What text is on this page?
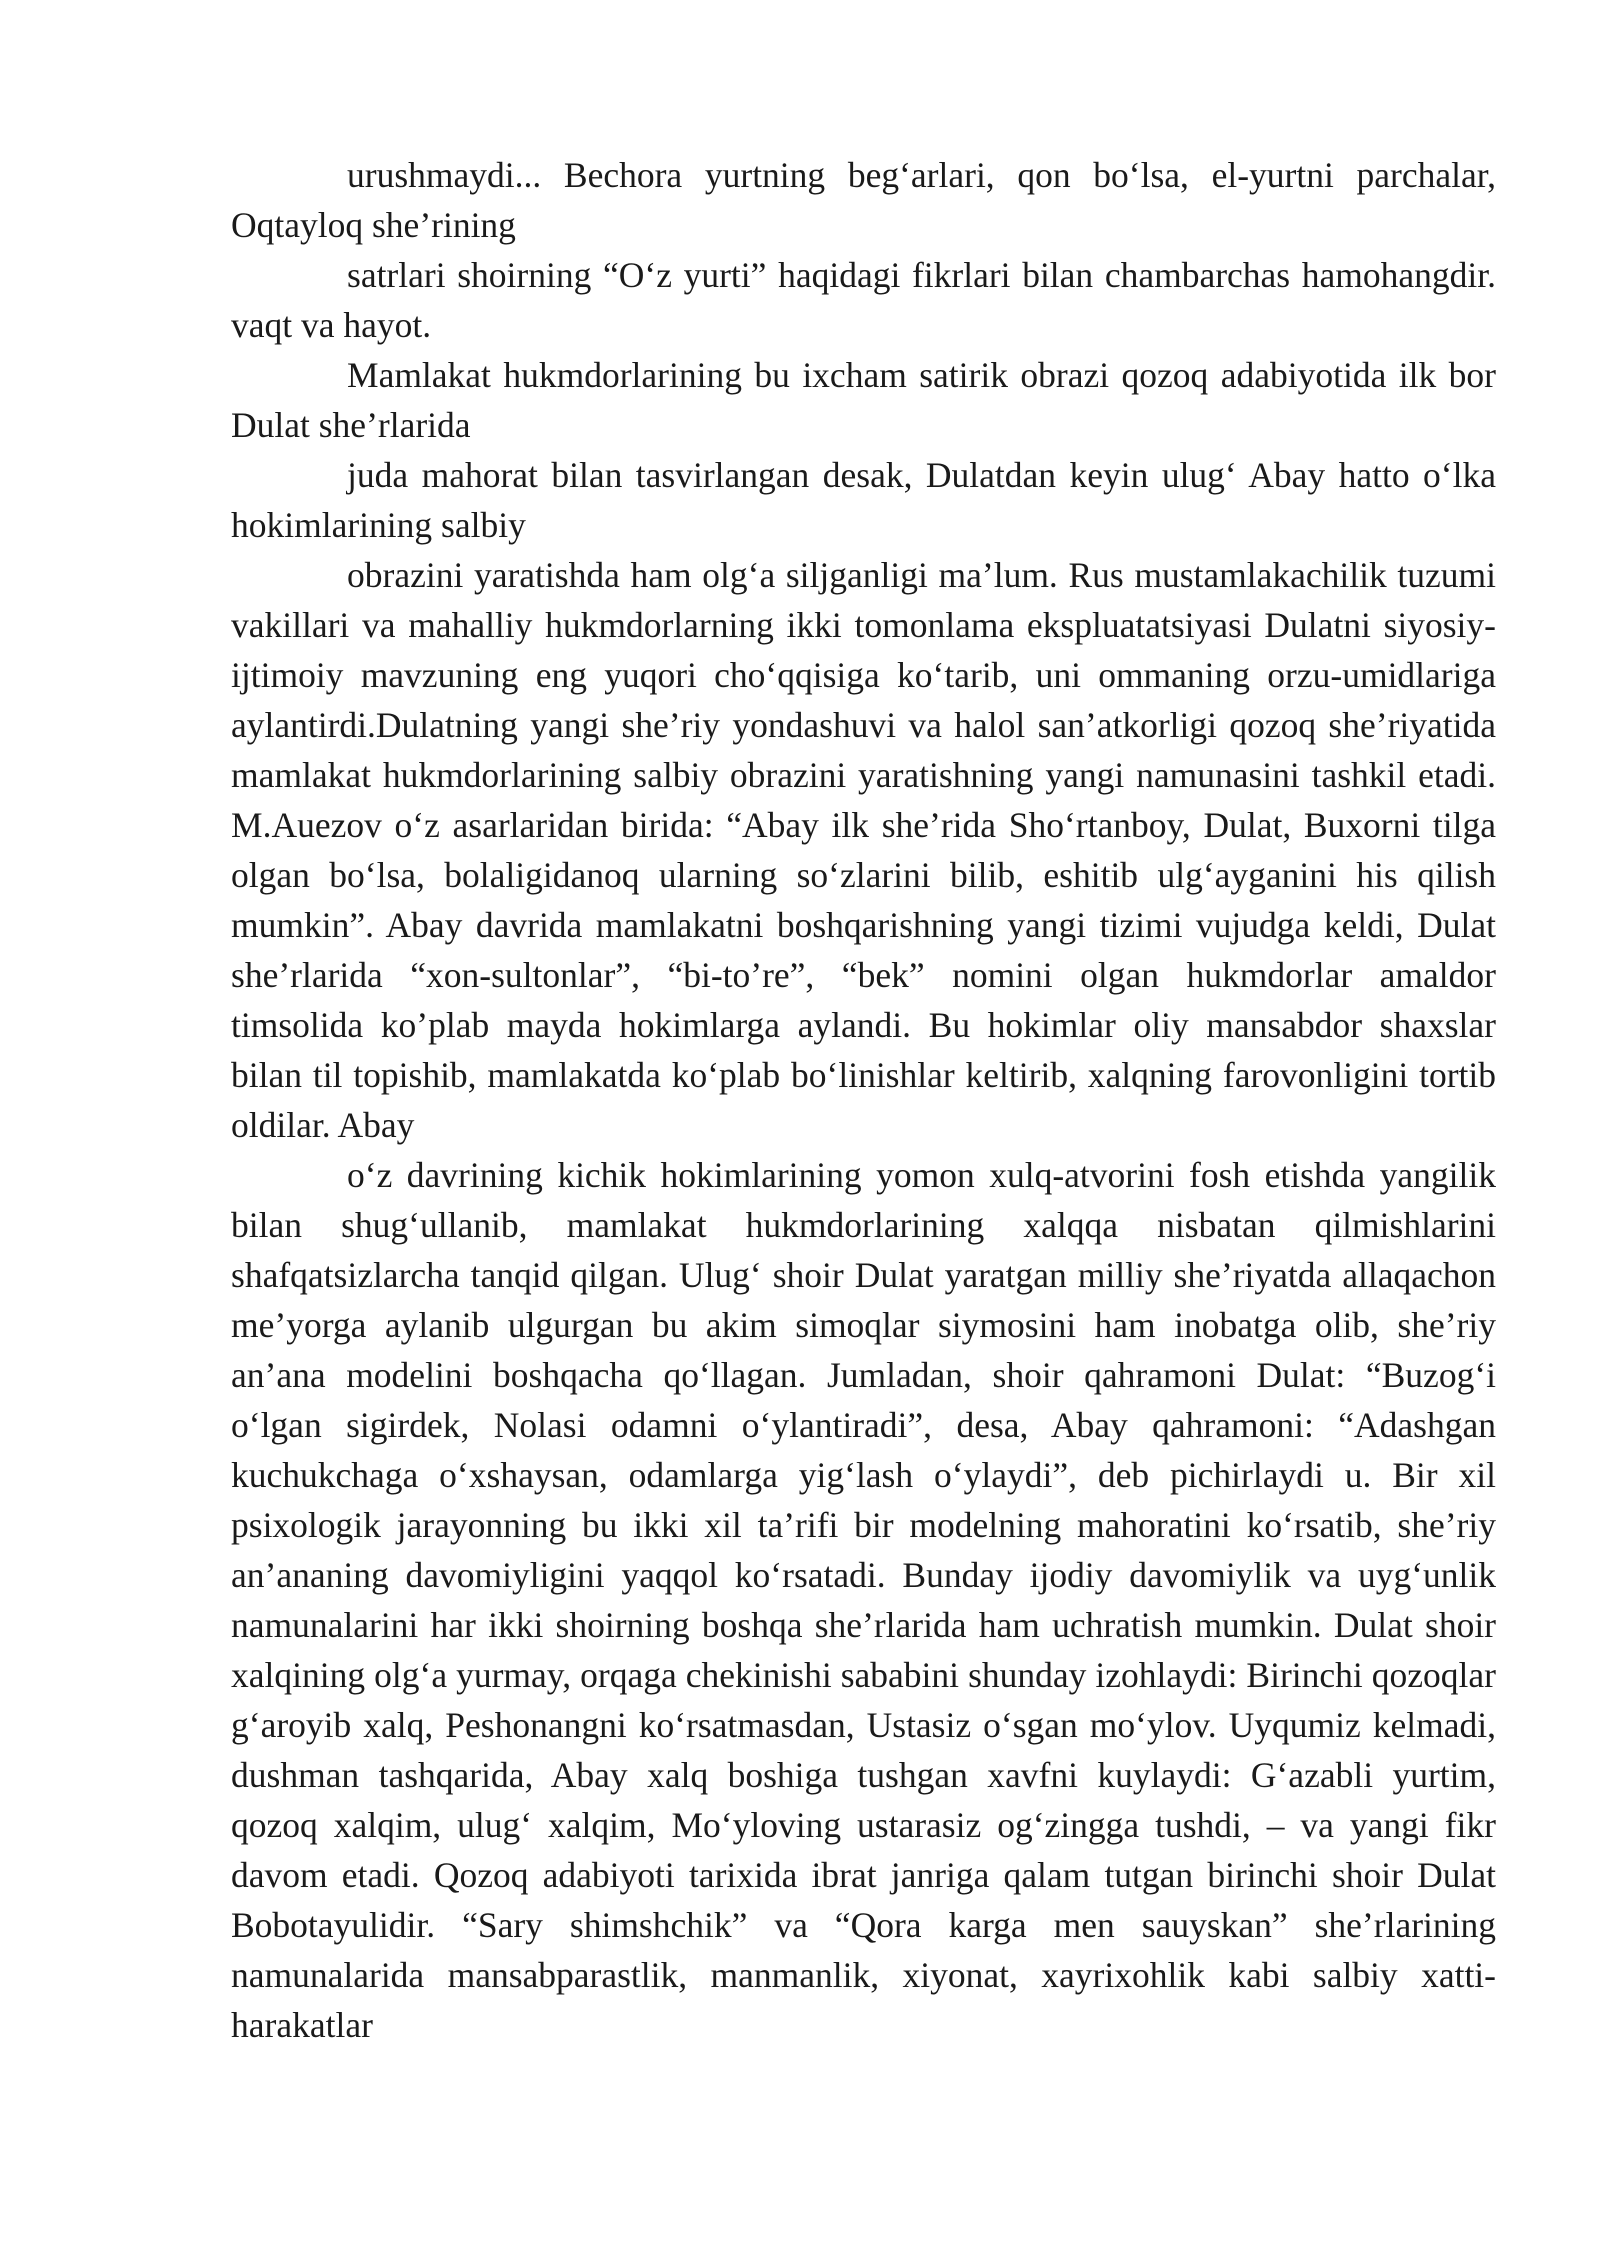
urushmaydi... Bechora yurtning beg‘arlari, qon bo‘lsa, el-yurtni parchalar, Oqtayloq she’rining

satrlari shoirning “O‘z yurti” haqidagi fikrlari bilan chambarchas hamohangdir. vaqt va hayot.

Mamlakat hukmdorlarining bu ixcham satirik obrazi qozoq adabiyotida ilk bor Dulat she’rlarida

juda mahorat bilan tasvirlangan desak, Dulatdan keyin ulug‘ Abay hatto o‘lka hokimlarining salbiy

obrazini yaratishda ham olg‘a siljganligi ma’lum. Rus mustamlakachilik tuzumi vakillari va mahalliy hukmdorlarning ikki tomonlama ekspluatatsiyasi Dulatni siyosiy-ijtimoiy mavzuning eng yuqori cho‘qqisiga ko‘tarib, uni ommaning orzu-umidlariga aylantirdi.Dulatning yangi she’riy yondashuvi va halol san’atkorligi qozoq she’riyatida mamlakat hukmdorlarining salbiy obrazini yaratishning yangi namunasini tashkil etadi. M.Auezov o‘z asarlaridan birida: “Abay ilk she’rida Sho‘rtanboy, Dulat, Buxorni tilga olgan bo‘lsa, bolaligidanoq ularning so‘zlarini bilib, eshitib ulg‘ayganini his qilish mumkin”. Abay davrida mamlakatni boshqarishning yangi tizimi vujudga keldi, Dulat she’rlarida “xon-sultonlar”, “bi-to’re”, “bek” nomini olgan hukmdorlar amaldor timsolida ko’plab mayda hokimlarga aylandi. Bu hokimlar oliy mansabdor shaxslar bilan til topishib, mamlakatda ko‘plab bo‘linishlar keltirib, xalqning farovonligini tortib oldilar. Abay

o‘z davrining kichik hokimlarining yomon xulq-atvorini fosh etishda yangilik bilan shug‘ullanib, mamlakat hukmdorlarining xalqqa nisbatan qilmishlarini shafqatsizlarcha tanqid qilgan. Ulug‘ shoir Dulat yaratgan milliy she’riyatda allaqachon me’yorga aylanib ulgurgan bu akim simoqlar siymosini ham inobatga olib, she’riy an’ana modelini boshqacha qo‘llagan. Jumladan, shoir qahramoni Dulat: “Buzog‘i o‘lgan sigirdek, Nolasi odamni o‘ylantiradi”, desa, Abay qahramoni: “Adashgan kuchukchaga o‘xshaysan, odamlarga yig‘lash o‘ylaydi”, deb pichirlaydi u. Bir xil psixologik jarayonning bu ikki xil ta’rifi bir modelning mahoratini ko‘rsatib, she’riy an’ananing davomiyligini yaqqol ko‘rsatadi. Bunday ijodiy davomiylik va uyg‘unlik namunalarini har ikki shoirning boshqa she’rlarida ham uchratish mumkin. Dulat shoir xalqining olg‘a yurmay, orqaga chekinishi sababini shunday izohlaydi: Birinchi qozoqlar g‘aroyib xalq, Peshonangni ko‘rsatmasdan, Ustasiz o‘sgan mo‘ylov. Uyqumiz kelmadi, dushman tashqarida, Abay xalq boshiga tushgan xavfni kuylaydi: G‘azabli yurtim, qozoq xalqim, ulug‘ xalqim, Mo‘yloving ustarasiz og‘zingga tushdi, – va yangi fikr davom etadi. Qozoq adabiyoti tarixida ibrat janriga qalam tutgan birinchi shoir Dulat Bobotayulidir. “Sary shimshchik” va “Qora karga men sauyskan” she’rlarining namunalarida mansabparastlik, manmanlik, xiyonat, xayrixohlik kabi salbiy xatti-harakatlar
